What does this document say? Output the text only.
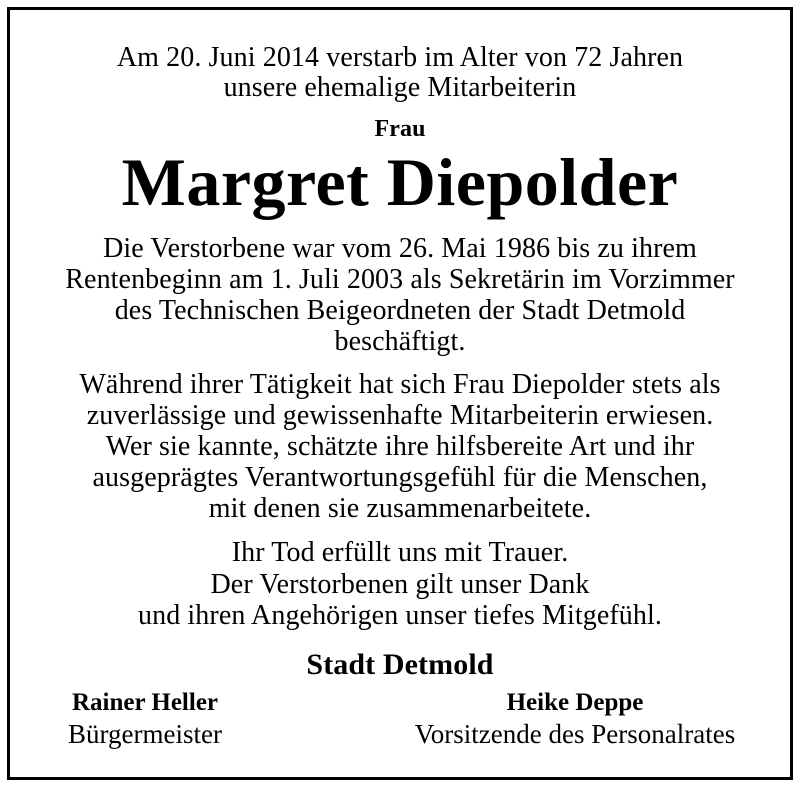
Am 20. Juni 2014 verstarb im Alter von 72 Jahren
unsere ehemalige Mitarbeiterin
Frau
Margret Diepolder
Die Verstorbene war vom 26. Mai 1986 bis zu ihrem
Rentenbeginn am 1. Juli 2003 als Sekretärin im Vorzimmer
des Technischen Beigeordneten der Stadt Detmold
beschäftigt.
Während ihrer Tätigkeit hat sich Frau Diepolder stets als
zuverlässige und gewissenhafte Mitarbeiterin erwiesen.
Wer sie kannte, schätzte ihre hilfsbereite Art und ihr
ausgeprägtes Verantwortungsgefühl für die Menschen,
mit denen sie zusammenarbeitete.
Ihr Tod erfüllt uns mit Trauer.
Der Verstorbenen gilt unser Dank
und ihren Angehörigen unser tiefes Mitgefühl.
Stadt Detmold
Rainer Heller
Bürgermeister
Heike Deppe
Vorsitzende des Personalrates
